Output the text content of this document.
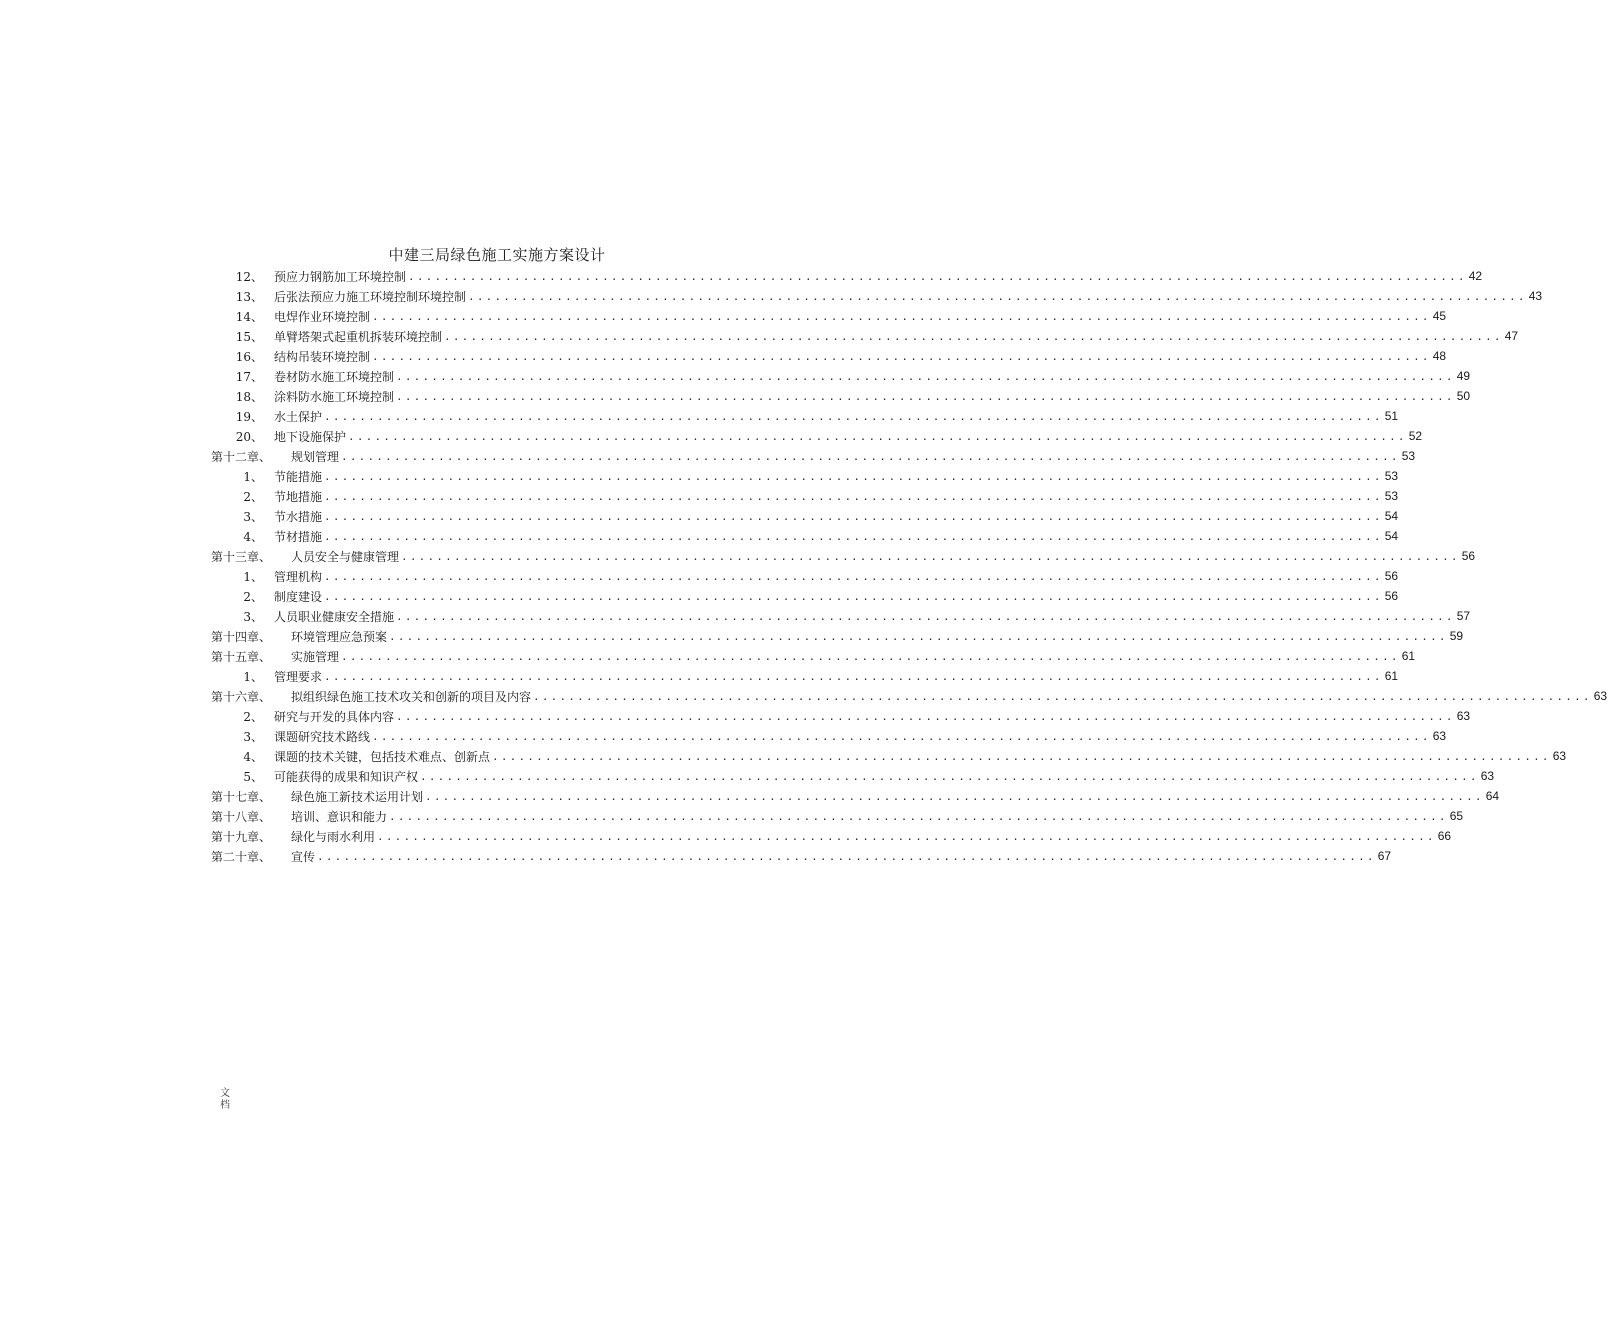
中建三局绿色施工实施方案设计
12、 预应力钢筋加工环境控制 ........................................................................................................................ 42
13、 后张法预应力施工环境控制环境控制 ........................................................................................................................ 43
14、 电焊作业环境控制 ........................................................................................................................ 45
15、 单臂塔架式起重机拆装环境控制 ........................................................................................................................ 47
16、 结构吊装环境控制 ........................................................................................................................ 48
17、 卷材防水施工环境控制 ........................................................................................................................ 49
18、 涂料防水施工环境控制 ........................................................................................................................ 50
19、 水土保护 ........................................................................................................................ 51
20、 地下设施保护 ........................................................................................................................ 52
第十二章、	规划管理 ........................................................................................................................ 53
1、 节能措施 ........................................................................................................................ 53
2、 节地措施 ........................................................................................................................ 53
3、 节水措施 ........................................................................................................................ 54
4、 节材措施 ........................................................................................................................ 54
第十三章、	人员安全与健康管理 ........................................................................................................................ 56
1、 管理机构 ........................................................................................................................ 56
2、 制度建设 ........................................................................................................................ 56
3、 人员职业健康安全措施 ........................................................................................................................ 57
第十四章、	环境管理应急预案 ........................................................................................................................ 59
第十五章、	实施管理 ........................................................................................................................ 61
1、 管理要求 ........................................................................................................................ 61
第十六章、	拟组织绿色施工技术攻关和创新的项目及内容 ........................................................................................................................ 63
2、 研究与开发的具体内容 ........................................................................................................................ 63
3、 课题研究技术路线 ........................................................................................................................ 63
4、 课题的技术关键，包括技术难点、创新点 ........................................................................................................................ 63
5、 可能获得的成果和知识产权 ........................................................................................................................ 63
第十七章、	绿色施工新技术运用计划 ........................................................................................................................ 64
第十八章、	培训、意识和能力 ........................................................................................................................ 65
第十九章、	绿化与雨水利用 ........................................................................................................................ 66
第二十章、	宣传 ........................................................................................................................ 67
文档
